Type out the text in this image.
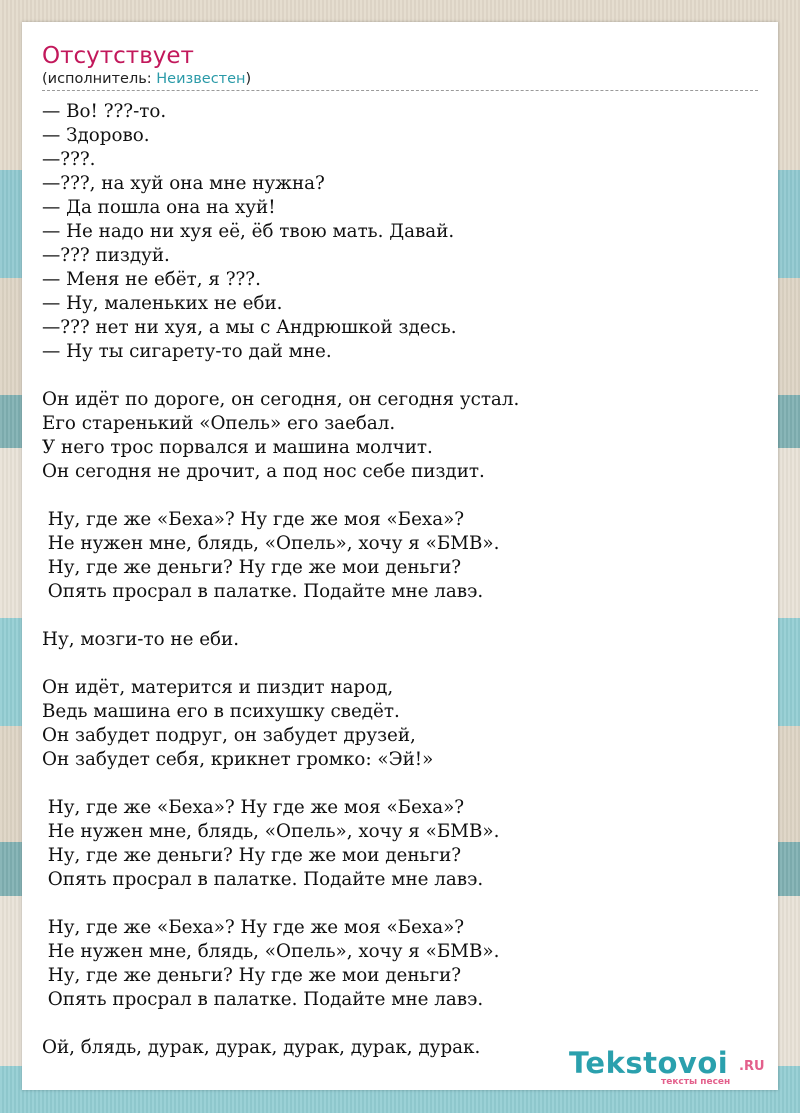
Отсутствует
(исполнитель: Неизвестен)
— Во! ???-то.
— Здорово.
—???.
—???, на хуй она мне нужна?
— Да пошла она на хуй!
— Не надо ни хуя её, ёб твою мать. Давай.
—??? пиздуй.
— Меня не ебёт, я ???.
— Ну, маленьких не еби.
—??? нет ни хуя, а мы с Андрюшкой здесь.
— Ну ты сигарету-то дай мне.

Он идёт по дороге, он сегодня, он сегодня устал.
Его старенький «Опель» его заебал.
У него трос порвался и машина молчит.
Он сегодня не дрочит, а под нос себе пиздит.

Ну, где же «Беха»? Ну где же моя «Беха»?
Не нужен мне, блядь, «Опель», хочу я «БМВ».
Ну, где же деньги? Ну где же мои деньги?
Опять просрал в палатке. Подайте мне лавэ.

Ну, мозги-то не еби.

Он идёт, матерится и пиздит народ,
Ведь машина его в психушку сведёт.
Он забудет подруг, он забудет друзей,
Он забудет себя, крикнет громко: «Эй!»

Ну, где же «Беха»? Ну где же моя «Беха»?
Не нужен мне, блядь, «Опель», хочу я «БМВ».
Ну, где же деньги? Ну где же мои деньги?
Опять просрал в палатке. Подайте мне лавэ.

Ну, где же «Беха»? Ну где же моя «Беха»?
Не нужен мне, блядь, «Опель», хочу я «БМВ».
Ну, где же деньги? Ну где же мои деньги?
Опять просрал в палатке. Подайте мне лавэ.

Ой, блядь, дурак, дурак, дурак, дурак, дурак.	Tekstovoi .RU
тексты песен
